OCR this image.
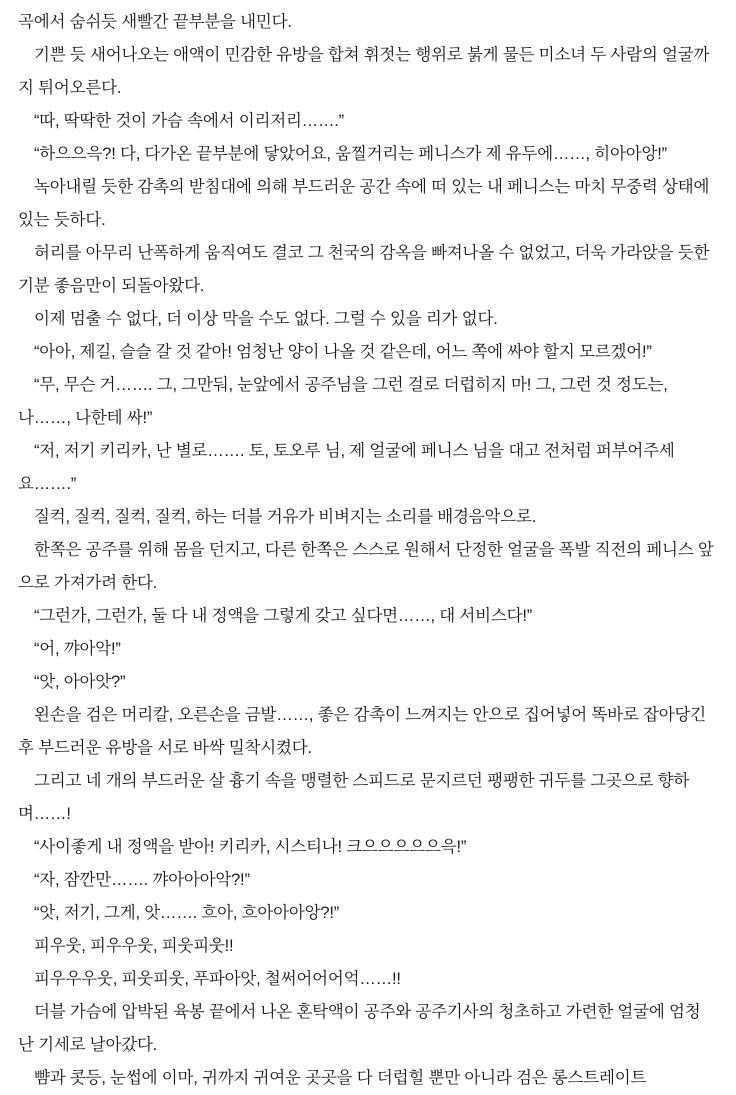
곡에서 숨쉬듯 새빨간 끝부분을 내민다.

기쁜 듯 새어나오는 애액이 민감한 유방을 합쳐 휘젓는 행위로 붉게 물든 미소녀 두 사람의 얼굴까지 튀어오른다.

“따, 딱딱한 것이 가슴 속에서 이리저리…….”

“하으으윽?! 다, 다가온 끝부분에 닿았어요, 움찔거리는 페니스가 제 유두에……, 히아아앙!”

녹아내릴 듯한 감촉의 받침대에 의해 부드러운 공간 속에 떠 있는 내 페니스는 마치 무중력 상태에 있는 듯하다.

허리를 아무리 난폭하게 움직여도 결코 그 천국의 감옥을 빠져나올 수 없었고, 더욱 가라앉을 듯한 기분 좋음만이 되돌아왔다.

이제 멈출 수 없다, 더 이상 막을 수도 없다. 그럴 수 있을 리가 없다.

“아아, 제길, 슬슬 갈 것 같아! 엄청난 양이 나올 것 같은데, 어느 쪽에 싸야 할지 모르겠어!”

“무, 무슨 거……. 그, 그만둬, 눈앞에서 공주님을 그런 걸로 더럽히지 마! 그, 그런 것 정도는, 나……, 나한테 싸!”

“저, 저기 키리카, 난 별로……. 토, 토오루 님, 제 얼굴에 페니스 님을 대고 전처럼 퍼부어주세요…….”

질컥, 질컥, 질컥, 질컥, 하는 더블 거유가 비벼지는 소리를 배경음악으로.

한쪽은 공주를 위해 몸을 던지고, 다른 한쪽은 스스로 원해서 단정한 얼굴을 폭발 직전의 페니스 앞으로 가져가려 한다.

“그런가, 그런가, 둘 다 내 정액을 그렇게 갖고 싶다면……, 대 서비스다!”

“어, 꺄아악!”

“앗, 아아앗?”

왼손을 검은 머리칼, 오른손을 금발……, 좋은 감촉이 느껴지는 안으로 집어넣어 똑바로 잡아당긴 후 부드러운 유방을 서로 바싹 밀착시켰다.

그리고 네 개의 부드러운 살 흉기 속을 맹렬한 스피드로 문지르던 팽팽한 귀두를 그곳으로 향하며……!

“사이좋게 내 정액을 받아! 키리카, 시스티나! 크으으으으으윽!”

“자, 잠깐만……. 꺄아아아악?!”

“앗, 저기, 그게, 앗……. 흐아, 흐아아아앙?!”

피우웃, 피우우웃, 피웃피웃!!

피우우우웃, 피웃피웃, 푸파아앗, 철써어어어억……!!

더블 가슴에 압박된 육봉 끝에서 나온 혼탁액이 공주와 공주기사의 청초하고 가련한 얼굴에 엄청난 기세로 날아갔다.

뺨과 콧등, 눈썹에 이마, 귀까지 귀여운 곳곳을 다 더럽힐 뿐만 아니라 검은 롱스트레이트
